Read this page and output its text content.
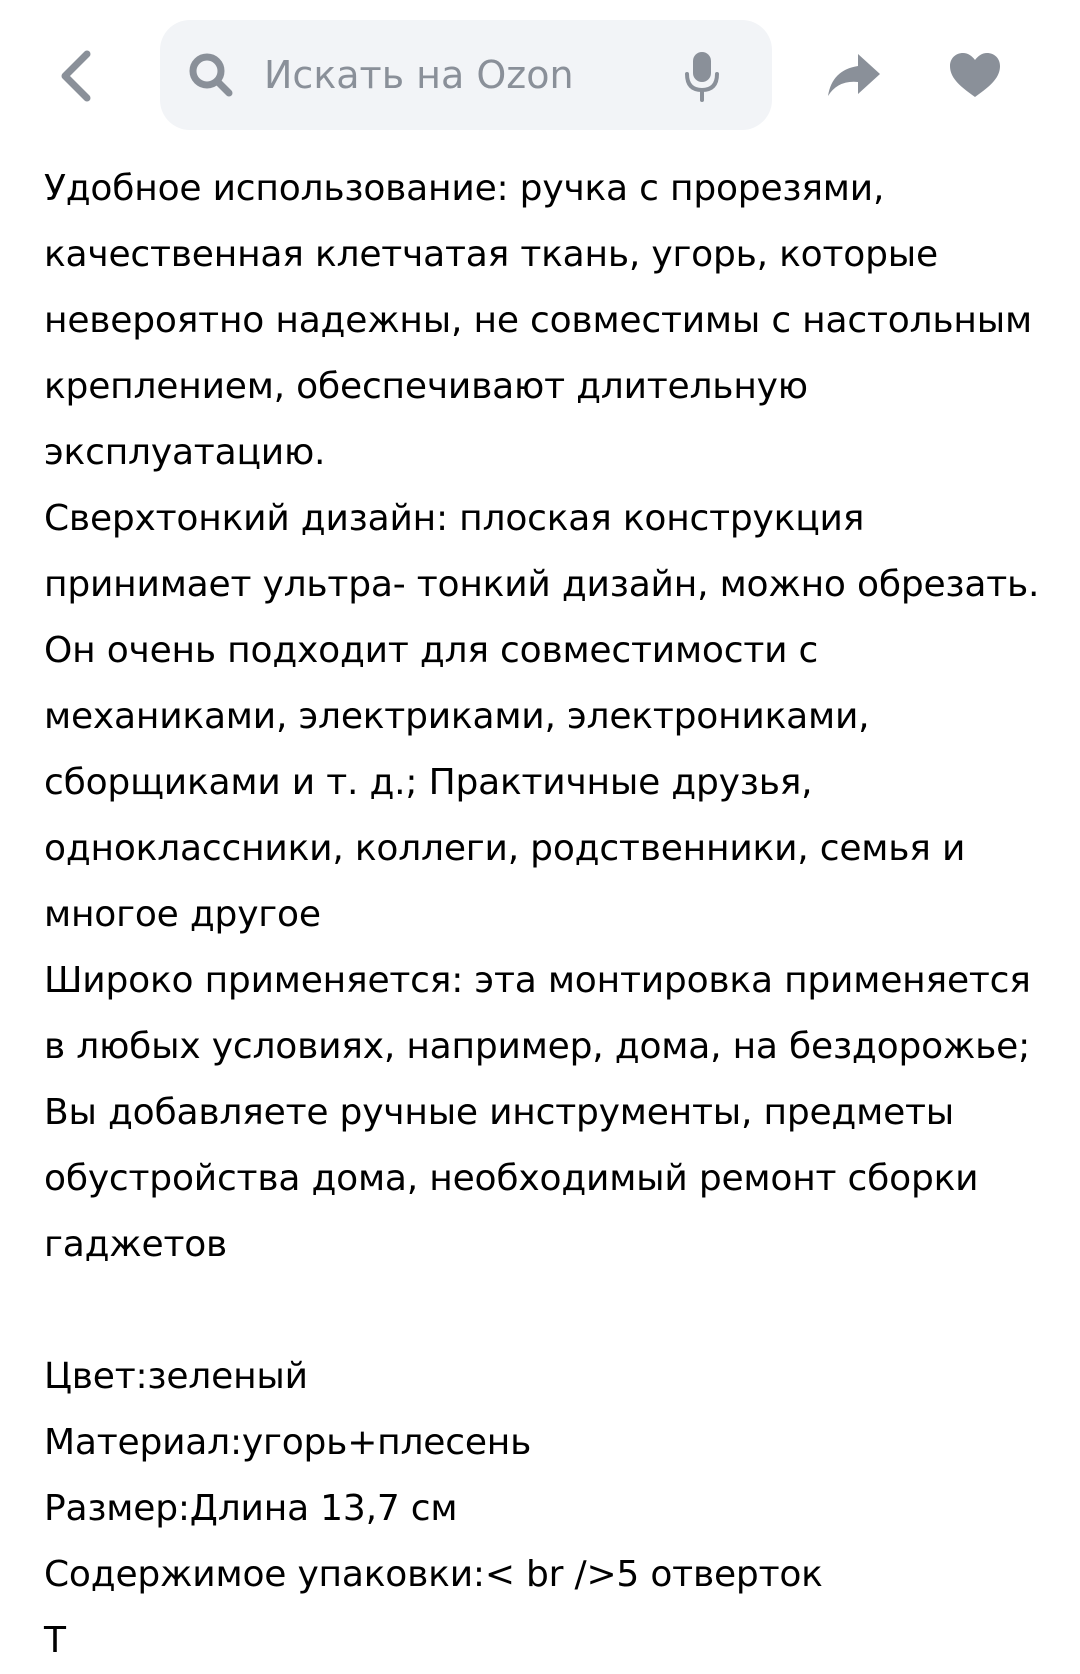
Искать на Ozon

Удобное использование: ручка с прорезями, качественная клетчатая ткань, угорь, которые невероятно надежны, не совместимы с настольным креплением, обеспечивают длительную эксплуатацию.

Сверхтонкий дизайн: плоская конструкция принимает ультра- тонкий дизайн, можно обрезать. Он очень подходит для совместимости с механиками, электриками, электрониками, сборщиками и т. д.; Практичные друзья, одноклассники, коллеги, родственники, семья и многое другое

Широко применяется: эта монтировка применяется в любых условиях, например, дома, на бездорожье; Вы добавляете ручные инструменты, предметы обустройства дома, необходимый ремонт сборки гаджетов

Цвет:зеленый

Материал:угорь+плесень

Размер:Длина 13,7 см

Содержимое упаковки:< br />5 отверток

Т
